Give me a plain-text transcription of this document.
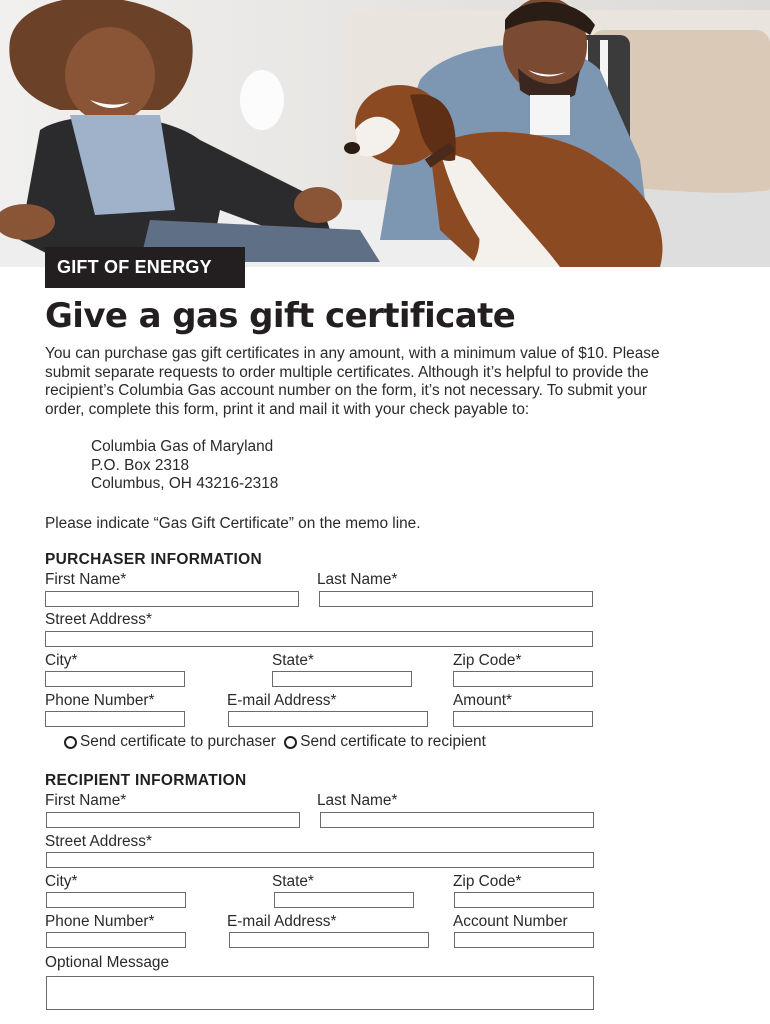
GIFT OF ENERGY
Give a gas gift certificate
You can purchase gas gift certificates in any amount, with a minimum value of $10. Please
submit separate requests to order multiple certificates. Although it’s helpful to provide the
recipient’s Columbia Gas account number on the form, it’s not necessary. To submit your
order, complete this form, print it and mail it with your check payable to:
Columbia Gas of Maryland
P.O. Box 2318
Columbus, OH 43216-2318
Please indicate “Gas Gift Certificate” on the memo line.
PURCHASER INFORMATION
First Name*	Last Name*
Street Address*
City*	State*	Zip Code*
Phone Number*	E-mail Address*	Amount*
Send certificate to purchaser
Send certificate to recipient
RECIPIENT INFORMATION
First Name*	Last Name*
Street Address*
City*	State*	Zip Code*
Phone Number*	E-mail Address*	Account Number
Optional Message
